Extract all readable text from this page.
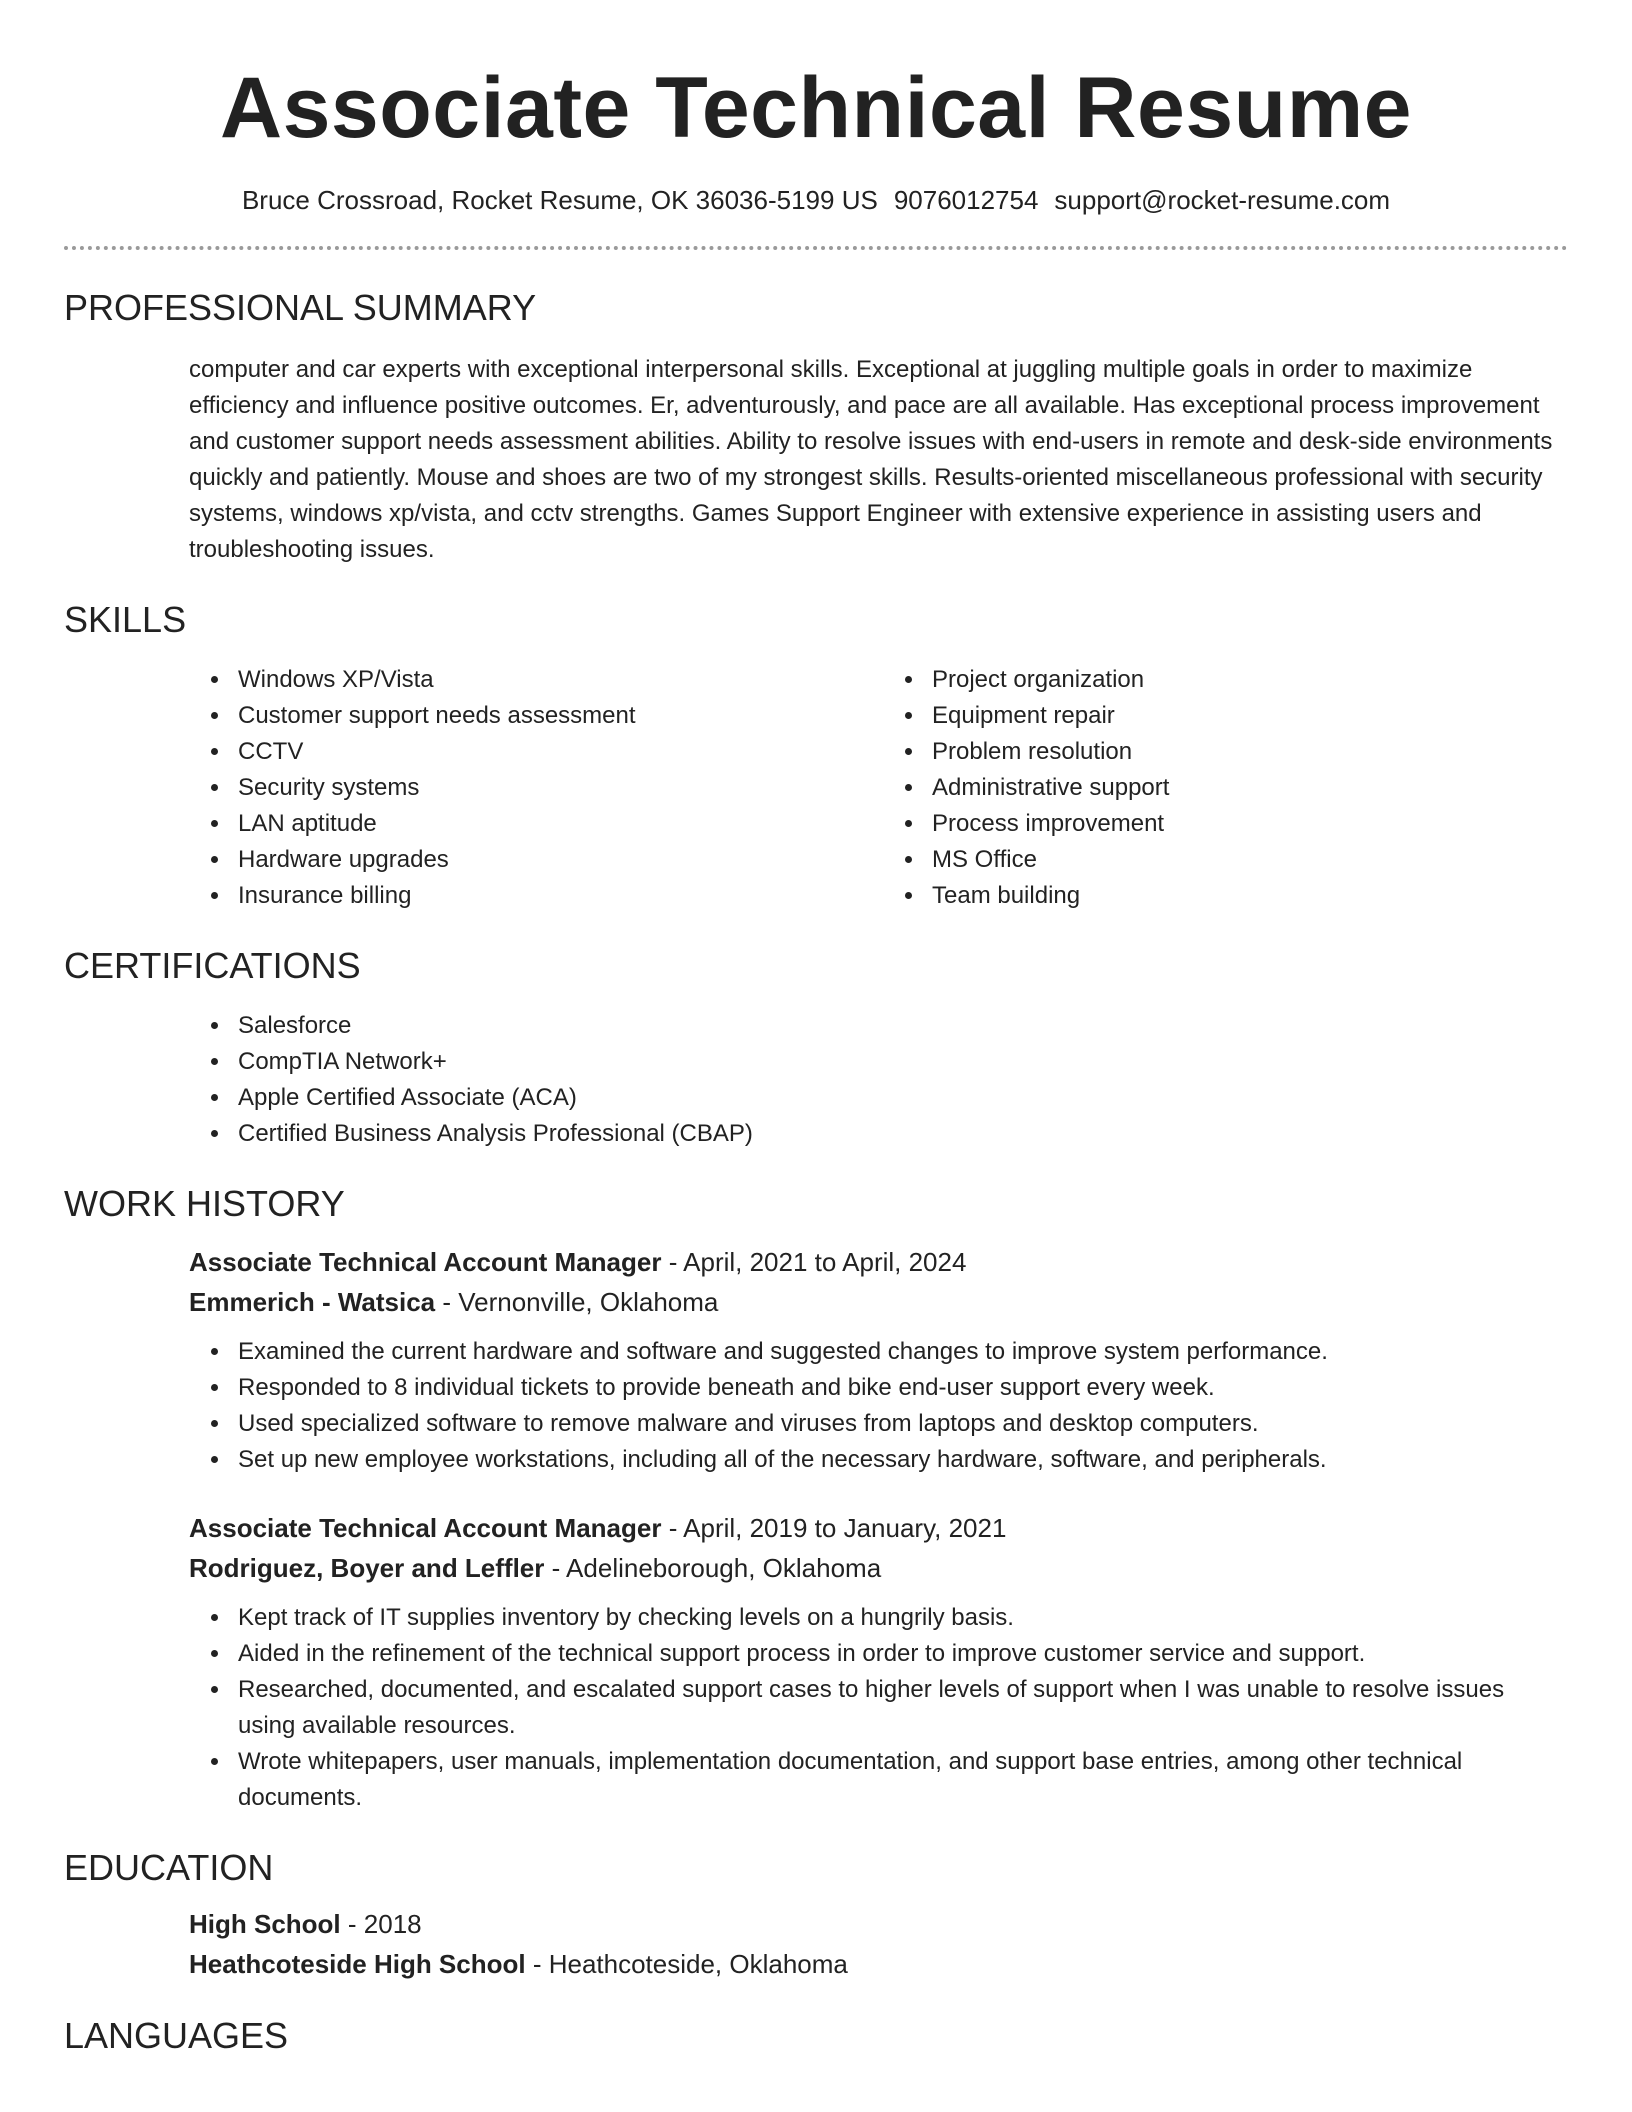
Associate Technical Resume
Bruce Crossroad, Rocket Resume, OK 36036-5199 US 9076012754 support@rocket-resume.com
PROFESSIONAL SUMMARY

computer and car experts with exceptional interpersonal skills. Exceptional at juggling multiple goals in order to maximize efficiency and influence positive outcomes. Er, adventurously, and pace are all available. Has exceptional process improvement and customer support needs assessment abilities. Ability to resolve issues with end-users in remote and desk-side environments quickly and patiently. Mouse and shoes are two of my strongest skills. Results-oriented miscellaneous professional with security systems, windows xp/vista, and cctv strengths. Games Support Engineer with extensive experience in assisting users and troubleshooting issues.

SKILLS
• Windows XP/Vista
• Customer support needs assessment
• CCTV
• Security systems
• LAN aptitude
• Hardware upgrades
• Insurance billing
• Project organization
• Equipment repair
• Problem resolution
• Administrative support
• Process improvement
• MS Office
• Team building
CERTIFICATIONS
• Salesforce
• CompTIA Network+
• Apple Certified Associate (ACA)
• Certified Business Analysis Professional (CBAP)
WORK HISTORY
Associate Technical Account Manager - April, 2021 to April, 2024
Emmerich - Watsica - Vernonville, Oklahoma
• Examined the current hardware and software and suggested changes to improve system performance.
• Responded to 8 individual tickets to provide beneath and bike end-user support every week.
• Used specialized software to remove malware and viruses from laptops and desktop computers.
• Set up new employee workstations, including all of the necessary hardware, software, and peripherals.
Associate Technical Account Manager - April, 2019 to January, 2021
Rodriguez, Boyer and Leffler - Adelineborough, Oklahoma
• Kept track of IT supplies inventory by checking levels on a hungrily basis.
• Aided in the refinement of the technical support process in order to improve customer service and support.
• Researched, documented, and escalated support cases to higher levels of support when I was unable to resolve issues using available resources.
• Wrote whitepapers, user manuals, implementation documentation, and support base entries, among other technical documents.
EDUCATION
High School - 2018
Heathcoteside High School - Heathcoteside, Oklahoma
LANGUAGES
